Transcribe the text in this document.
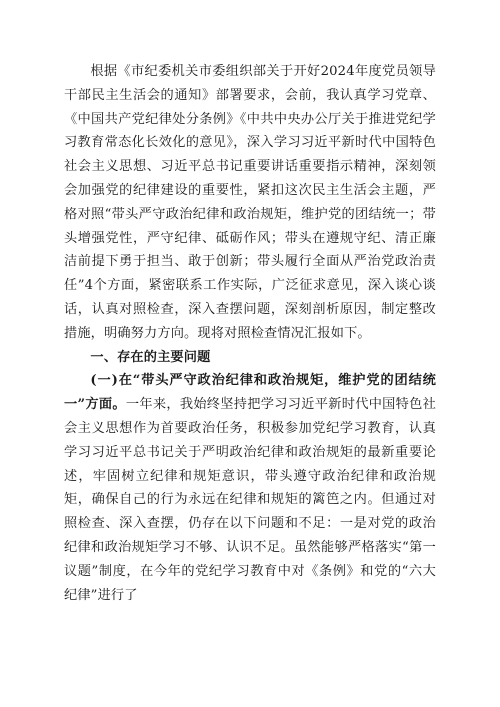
根据《市纪委机关市委组织部关于开好2024年度党员领导干部民主生活会的通知》部署要求，会前，我认真学习党章、《中国共产党纪律处分条例》《中共中央办公厅关于推进党纪学习教育常态化长效化的意见》，深入学习习近平新时代中国特色社会主义思想、习近平总书记重要讲话重要指示精神，深刻领会加强党的纪律建设的重要性，紧扣这次民主生活会主题，严格对照“带头严守政治纪律和政治规矩，维护党的团结统一；带头增强党性，严守纪律、砥砺作风；带头在遵规守纪、清正廉洁前提下勇于担当、敢于创新；带头履行全面从严治党政治责任”4个方面，紧密联系工作实际，广泛征求意见，深入谈心谈话，认真对照检查，深入查摆问题，深刻剖析原因，制定整改措施，明确努力方向。现将对照检查情况汇报如下。

一、存在的主要问题

(一)在“带头严守政治纪律和政治规矩，维护党的团结统一”方面。一年来，我始终坚持把学习习近平新时代中国特色社会主义思想作为首要政治任务，积极参加党纪学习教育，认真学习习近平总书记关于严明政治纪律和政治规矩的最新重要论述，牢固树立纪律和规矩意识，带头遵守政治纪律和政治规矩，确保自己的行为永远在纪律和规矩的篱笆之内。但通过对照检查、深入查摆，仍存在以下问题和不足：一是对党的政治纪律和政治规矩学习不够、认识不足。虽然能够严格落实“第一议题”制度，在今年的党纪学习教育中对《条例》和党的“六大纪律”进行了
